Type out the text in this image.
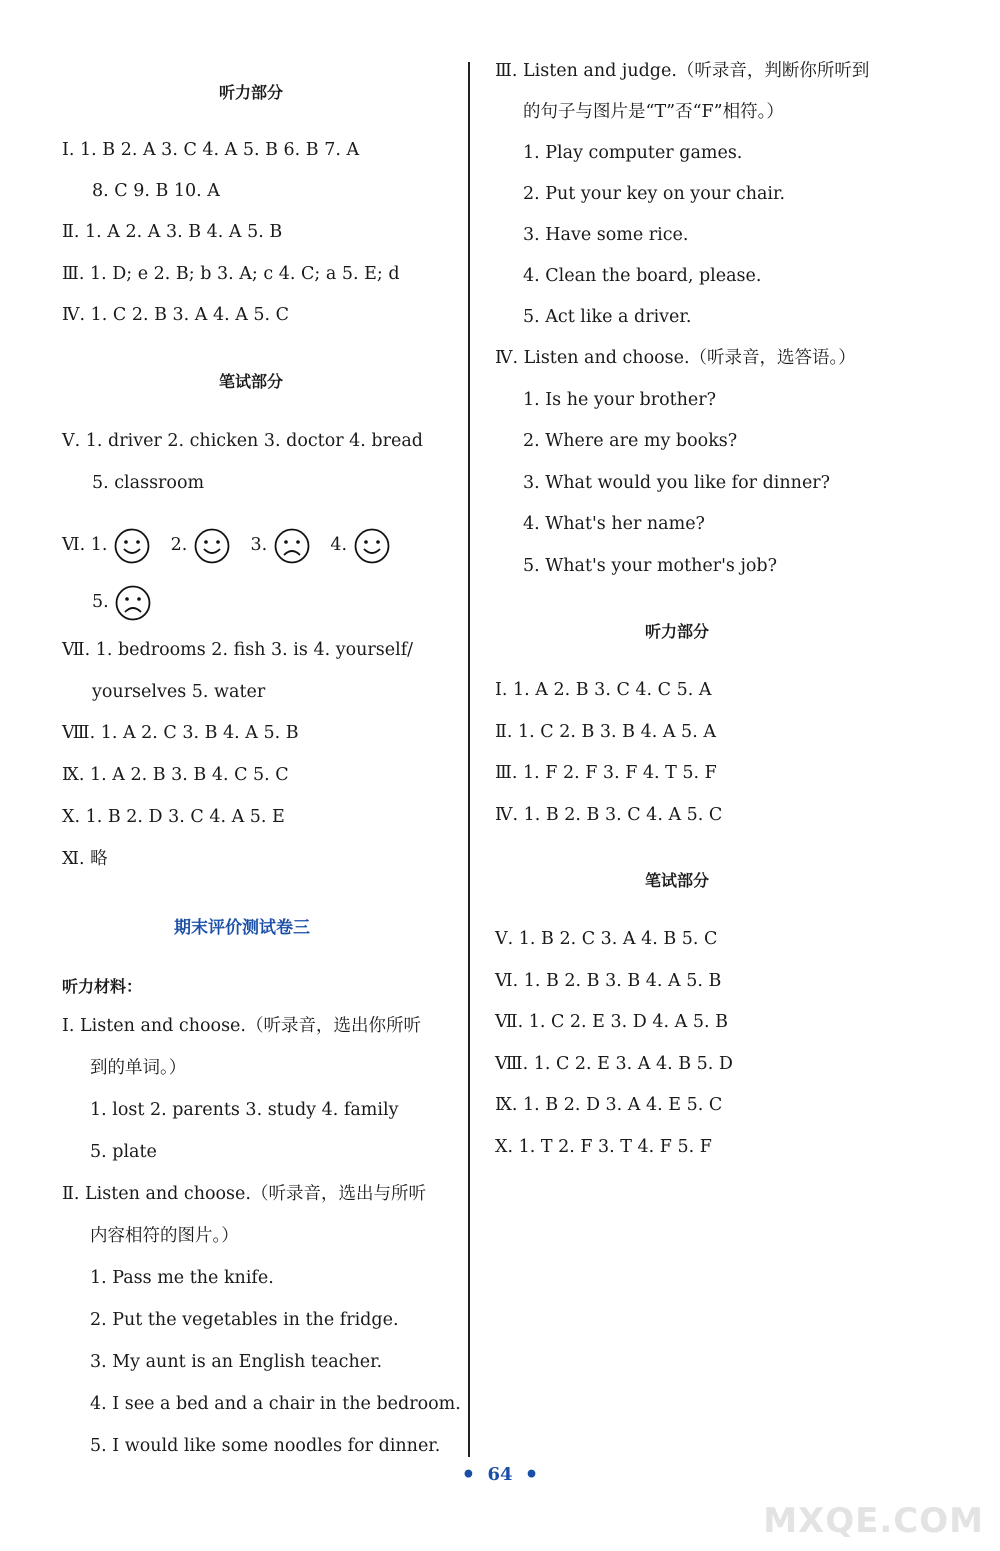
听力部分
Ⅰ. 1. B 2. A 3. C 4. A 5. B 6. B 7. A
8. C 9. B 10. A
Ⅱ. 1. A 2. A 3. B 4. A 5. B
Ⅲ. 1. D; e 2. B; b 3. A; c 4. C; a 5. E; d
Ⅳ. 1. C 2. B 3. A 4. A 5. C
笔试部分
Ⅴ. 1. driver 2. chicken 3. doctor 4. bread
5. classroom
Ⅵ. 1.	2.	3.	4.
5.
Ⅶ. 1. bedrooms 2. fish 3. is 4. yourself/
yourselves 5. water
Ⅷ. 1. A 2. C 3. B 4. A 5. B
Ⅸ. 1. A 2. B 3. B 4. C 5. C
Ⅹ. 1. B 2. D 3. C 4. A 5. E
Ⅺ. 略
期末评价测试卷三
听力材料：
Ⅰ. Listen and choose.（听录音，选出你所听
到的单词。）
1. lost 2. parents 3. study 4. family
5. plate
Ⅱ. Listen and choose.（听录音，选出与所听
内容相符的图片。）
1. Pass me the knife.
2. Put the vegetables in the fridge.
3. My aunt is an English teacher.
4. I see a bed and a chair in the bedroom.
5. I would like some noodles for dinner.
Ⅲ. Listen and judge.（听录音，判断你所听到
的句子与图片是“T”否“F”相符。）
1. Play computer games.
2. Put your key on your chair.
3. Have some rice.
4. Clean the board, please.
5. Act like a driver.
Ⅳ. Listen and choose.（听录音，选答语。）
1. Is he your brother?
2. Where are my books?
3. What would you like for dinner?
4. What's her name?
5. What's your mother's job?
听力部分
Ⅰ. 1. A 2. B 3. C 4. C 5. A
Ⅱ. 1. C 2. B 3. B 4. A 5. A
Ⅲ. 1. F 2. F 3. F 4. T 5. F
Ⅳ. 1. B 2. B 3. C 4. A 5. C
笔试部分
Ⅴ. 1. B 2. C 3. A 4. B 5. C
Ⅵ. 1. B 2. B 3. B 4. A 5. B
Ⅶ. 1. C 2. E 3. D 4. A 5. B
Ⅷ. 1. C 2. E 3. A 4. B 5. D
Ⅸ. 1. B 2. D 3. A 4. E 5. C
Ⅹ. 1. T 2. F 3. T 4. F 5. F
• 64 •
MXQE.COM
